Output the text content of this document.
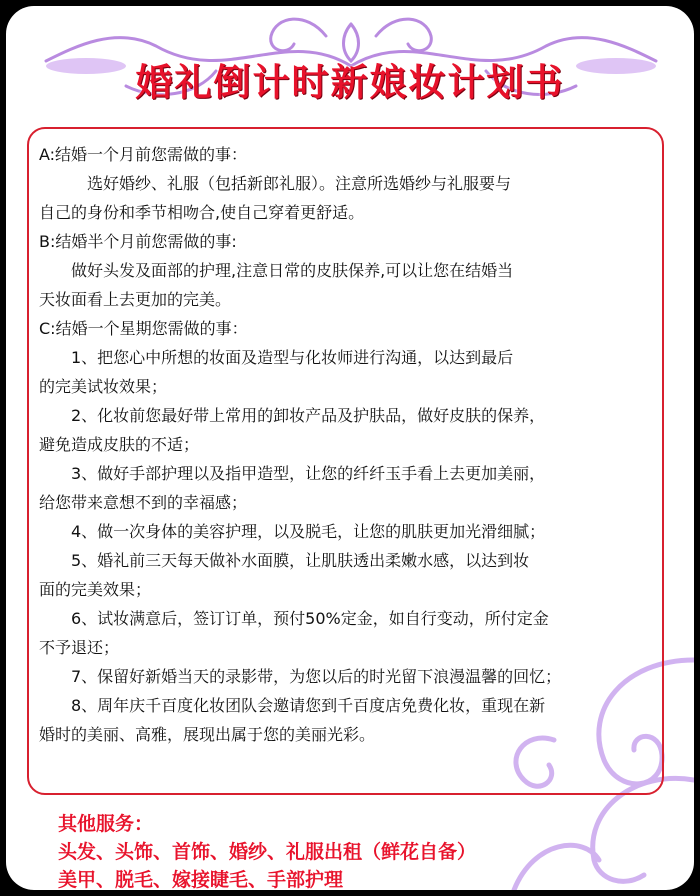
婚礼倒计时新娘妆计划书
A:结婚一个月前您需做的事：
选好婚纱、礼服（包括新郎礼服）。注意所选婚纱与礼服要与
自己的身份和季节相吻合,使自己穿着更舒适。
B:结婚半个月前您需做的事:
做好头发及面部的护理,注意日常的皮肤保养,可以让您在结婚当
天妆面看上去更加的完美。
C:结婚一个星期您需做的事：
1、把您心中所想的妆面及造型与化妆师进行沟通，以达到最后
的完美试妆效果；
2、化妆前您最好带上常用的卸妆产品及护肤品，做好皮肤的保养，
避免造成皮肤的不适；
3、做好手部护理以及指甲造型，让您的纤纤玉手看上去更加美丽，
给您带来意想不到的幸福感；
4、做一次身体的美容护理，以及脱毛，让您的肌肤更加光滑细腻；
5、婚礼前三天每天做补水面膜，让肌肤透出柔嫩水感，以达到妆
面的完美效果；
6、试妆满意后，签订订单，预付50%定金，如自行变动，所付定金
不予退还；
7、保留好新婚当天的录影带，为您以后的时光留下浪漫温馨的回忆；
8、周年庆千百度化妆团队会邀请您到千百度店免费化妆，重现在新
婚时的美丽、高雅，展现出属于您的美丽光彩。
其他服务：
头发、头饰、首饰、婚纱、礼服出租（鲜花自备）
美甲、脱毛、嫁接睫毛、手部护理
